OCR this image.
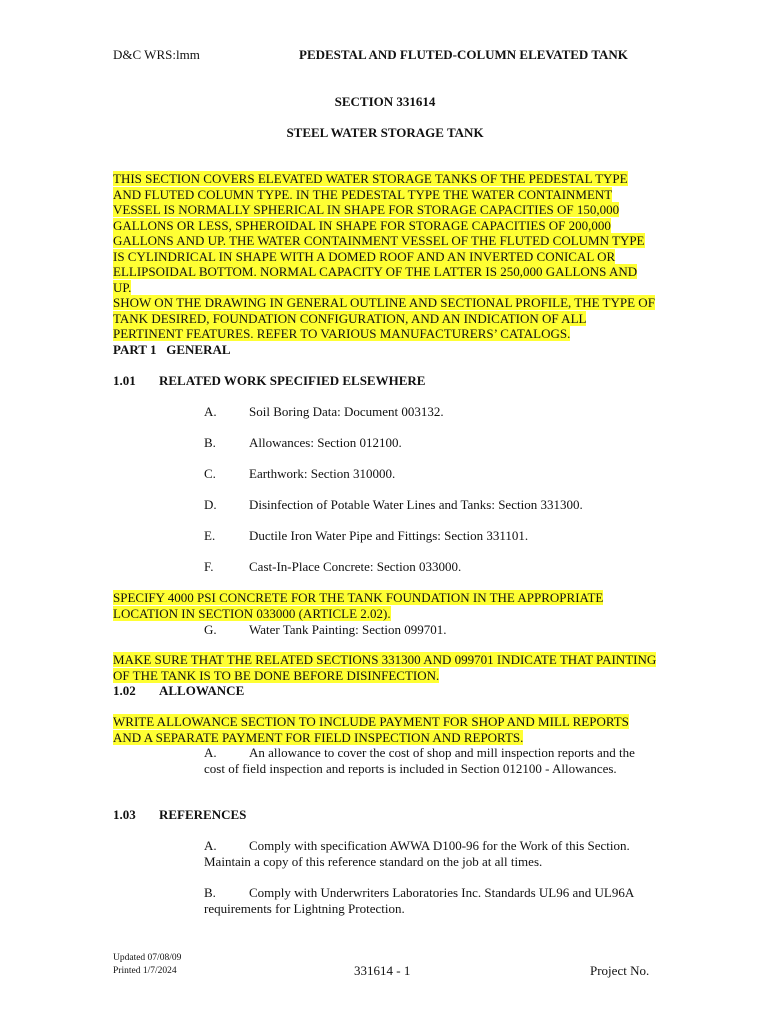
D&C WRS:lmm	PEDESTAL AND FLUTED-COLUMN ELEVATED TANK
SECTION 331614
STEEL WATER STORAGE TANK
THIS SECTION COVERS ELEVATED WATER STORAGE TANKS OF THE PEDESTAL TYPE AND FLUTED COLUMN TYPE. IN THE PEDESTAL TYPE THE WATER CONTAINMENT VESSEL IS NORMALLY SPHERICAL IN SHAPE FOR STORAGE CAPACITIES OF 150,000 GALLONS OR LESS, SPHEROIDAL IN SHAPE FOR STORAGE CAPACITIES OF 200,000 GALLONS AND UP. THE WATER CONTAINMENT VESSEL OF THE FLUTED COLUMN TYPE IS CYLINDRICAL IN SHAPE WITH A DOMED ROOF AND AN INVERTED CONICAL OR ELLIPSOIDAL BOTTOM. NORMAL CAPACITY OF THE LATTER IS 250,000 GALLONS AND UP.
SHOW ON THE DRAWING IN GENERAL OUTLINE AND SECTIONAL PROFILE, THE TYPE OF TANK DESIRED, FOUNDATION CONFIGURATION, AND AN INDICATION OF ALL PERTINENT FEATURES. REFER TO VARIOUS MANUFACTURERS’ CATALOGS.
PART 1 GENERAL
1.01 RELATED WORK SPECIFIED ELSEWHERE
A. Soil Boring Data: Document 003132.
B.	Allowances: Section 012100.
C.	Earthwork: Section 310000.
D. Disinfection of Potable Water Lines and Tanks: Section 331300.
E.	Ductile Iron Water Pipe and Fittings: Section 331101.
F.	Cast-In-Place Concrete: Section 033000.
SPECIFY 4000 PSI CONCRETE FOR THE TANK FOUNDATION IN THE APPROPRIATE LOCATION IN SECTION 033000 (ARTICLE 2.02).
G. Water Tank Painting: Section 099701.
MAKE SURE THAT THE RELATED SECTIONS 331300 AND 099701 INDICATE THAT PAINTING OF THE TANK IS TO BE DONE BEFORE DISINFECTION.
1.02 ALLOWANCE
WRITE ALLOWANCE SECTION TO INCLUDE PAYMENT FOR SHOP AND MILL REPORTS AND A SEPARATE PAYMENT FOR FIELD INSPECTION AND REPORTS.
A. An allowance to cover the cost of shop and mill inspection reports and the cost of field inspection and reports is included in Section 012100 - Allowances.
1.03 REFERENCES
A. Comply with specification AWWA D100-96 for the Work of this Section. Maintain a copy of this reference standard on the job at all times.
B.	Comply with Underwriters Laboratories Inc. Standards UL96 and UL96A requirements for Lightning Protection.
Updated 07/08/09
Printed 1/7/2024	331614 - 1	Project No.
